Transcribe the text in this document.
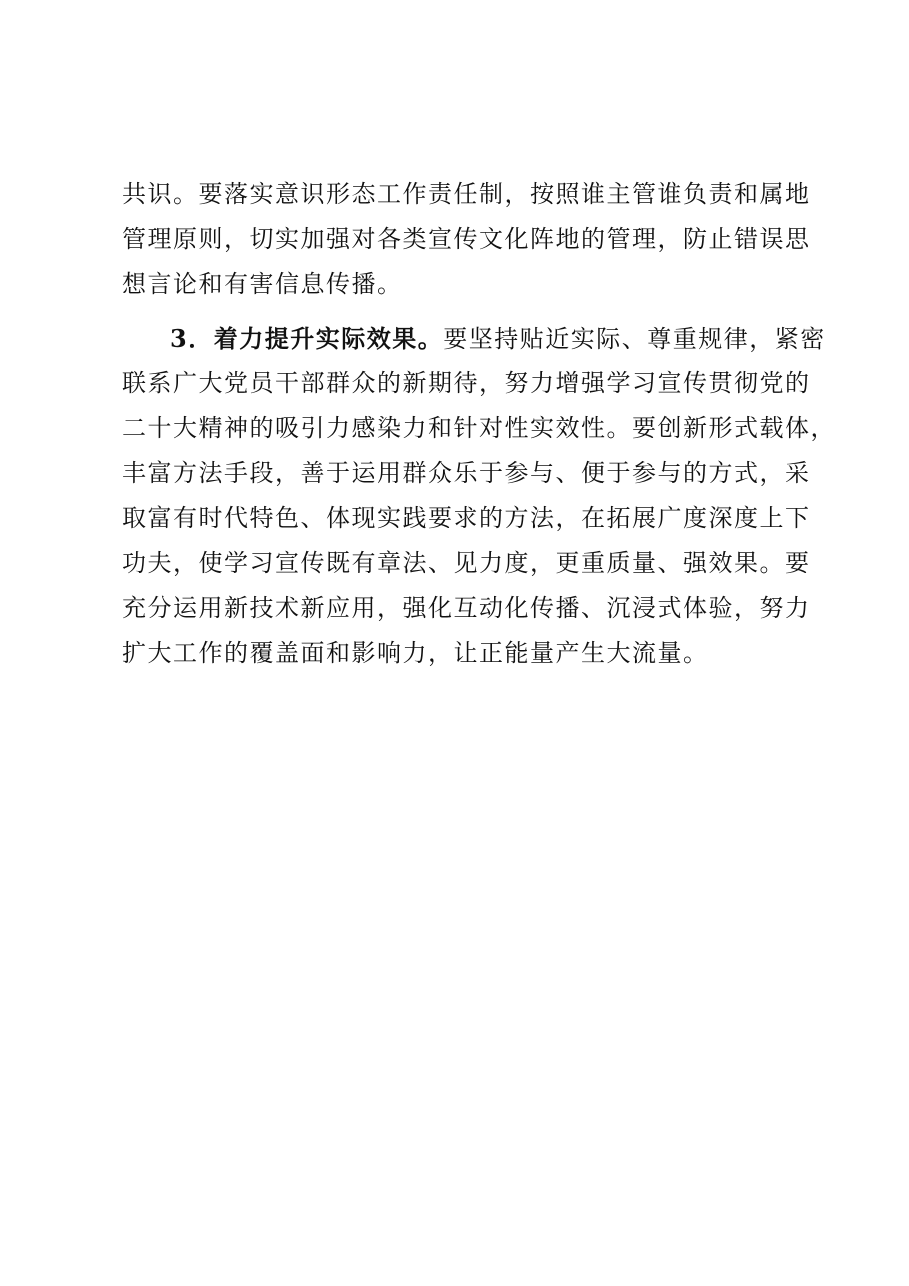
共识。要落实意识形态工作责任制，按照谁主管谁负责和属地
管理原则，切实加强对各类宣传文化阵地的管理，防止错误思
想言论和有害信息传播。
3．着力提升实际效果。要坚持贴近实际、尊重规律，紧密
联系广大党员干部群众的新期待，努力增强学习宣传贯彻党的
二十大精神的吸引力感染力和针对性实效性。要创新形式载体，
丰富方法手段，善于运用群众乐于参与、便于参与的方式，采
取富有时代特色、体现实践要求的方法，在拓展广度深度上下
功夫，使学习宣传既有章法、见力度，更重质量、强效果。要
充分运用新技术新应用，强化互动化传播、沉浸式体验，努力
扩大工作的覆盖面和影响力，让正能量产生大流量。
